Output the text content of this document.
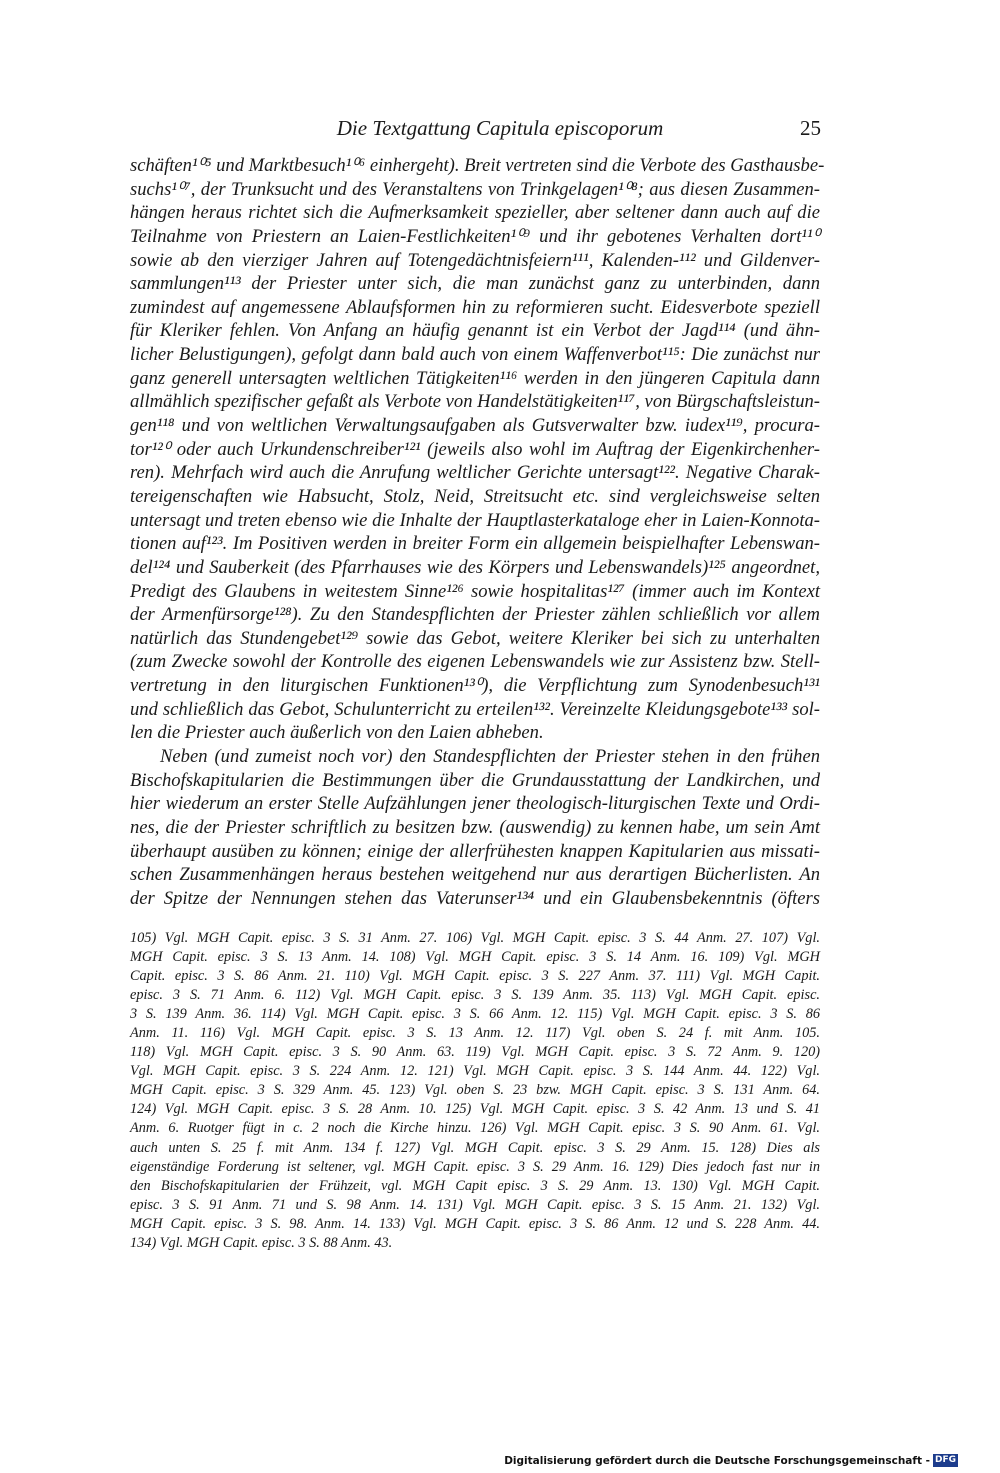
Die Textgattung Capitula episcoporum	25
schäften¹⁰⁵ und Marktbesuch¹⁰⁶ einhergeht). Breit vertreten sind die Verbote des Gasthausbe-
suchs¹⁰⁷, der Trunksucht und des Veranstaltens von Trinkgelagen¹⁰⁸; aus diesen Zusammen-
hängen heraus richtet sich die Aufmerksamkeit spezieller, aber seltener dann auch auf die
Teilnahme von Priestern an Laien-Festlichkeiten¹⁰⁹ und ihr gebotenes Verhalten dort¹¹⁰
sowie ab den vierziger Jahren auf Totengedächtnisfeiern¹¹¹, Kalenden-¹¹² und Gildenver-
sammlungen¹¹³ der Priester unter sich, die man zunächst ganz zu unterbinden, dann
zumindest auf angemessene Ablaufsformen hin zu reformieren sucht. Eidesverbote speziell
für Kleriker fehlen. Von Anfang an häufig genannt ist ein Verbot der Jagd¹¹⁴ (und ähn-
licher Belustigungen), gefolgt dann bald auch von einem Waffenverbot¹¹⁵: Die zunächst nur
ganz generell untersagten weltlichen Tätigkeiten¹¹⁶ werden in den jüngeren Capitula dann
allmählich spezifischer gefaßt als Verbote von Handelstätigkeiten¹¹⁷, von Bürgschaftsleistun-
gen¹¹⁸ und von weltlichen Verwaltungsaufgaben als Gutsverwalter bzw. iudex¹¹⁹, procura-
tor¹²⁰ oder auch Urkundenschreiber¹²¹ (jeweils also wohl im Auftrag der Eigenkirchenher-
ren). Mehrfach wird auch die Anrufung weltlicher Gerichte untersagt¹²². Negative Charak-
tereigenschaften wie Habsucht, Stolz, Neid, Streitsucht etc. sind vergleichsweise selten
untersagt und treten ebenso wie die Inhalte der Hauptlasterkataloge eher in Laien-Konnota-
tionen auf¹²³. Im Positiven werden in breiter Form ein allgemein beispielhafter Lebenswan-
del¹²⁴ und Sauberkeit (des Pfarrhauses wie des Körpers und Lebenswandels)¹²⁵ angeordnet,
Predigt des Glaubens in weitestem Sinne¹²⁶ sowie hospitalitas¹²⁷ (immer auch im Kontext
der Armenfürsorge¹²⁸). Zu den Standespflichten der Priester zählen schließlich vor allem
natürlich das Stundengebet¹²⁹ sowie das Gebot, weitere Kleriker bei sich zu unterhalten
(zum Zwecke sowohl der Kontrolle des eigenen Lebenswandels wie zur Assistenz bzw. Stell-
vertretung in den liturgischen Funktionen¹³⁰), die Verpflichtung zum Synodenbesuch¹³¹
und schließlich das Gebot, Schulunterricht zu erteilen¹³². Vereinzelte Kleidungsgebote¹³³ sol-
len die Priester auch äußerlich von den Laien abheben.
Neben (und zumeist noch vor) den Standespflichten der Priester stehen in den frühen
Bischofskapitularien die Bestimmungen über die Grundausstattung der Landkirchen, und
hier wiederum an erster Stelle Aufzählungen jener theologisch-liturgischen Texte und Ordi-
nes, die der Priester schriftlich zu besitzen bzw. (auswendig) zu kennen habe, um sein Amt
überhaupt ausüben zu können; einige der allerfrühesten knappen Kapitularien aus missati-
schen Zusammenhängen heraus bestehen weitgehend nur aus derartigen Bücherlisten. An
der Spitze der Nennungen stehen das Vaterunser¹³⁴ und ein Glaubensbekenntnis (öfters
105) Vgl. MGH Capit. episc. 3 S. 31 Anm. 27. 106) Vgl. MGH Capit. episc. 3 S. 44 Anm. 27. 107) Vgl.
MGH Capit. episc. 3 S. 13 Anm. 14. 108) Vgl. MGH Capit. episc. 3 S. 14 Anm. 16. 109) Vgl. MGH
Capit. episc. 3 S. 86 Anm. 21. 110) Vgl. MGH Capit. episc. 3 S. 227 Anm. 37. 111) Vgl. MGH Capit.
episc. 3 S. 71 Anm. 6. 112) Vgl. MGH Capit. episc. 3 S. 139 Anm. 35. 113) Vgl. MGH Capit. episc.
3 S. 139 Anm. 36. 114) Vgl. MGH Capit. episc. 3 S. 66 Anm. 12. 115) Vgl. MGH Capit. episc. 3 S. 86
Anm. 11. 116) Vgl. MGH Capit. episc. 3 S. 13 Anm. 12. 117) Vgl. oben S. 24 f. mit Anm. 105.
118) Vgl. MGH Capit. episc. 3 S. 90 Anm. 63. 119) Vgl. MGH Capit. episc. 3 S. 72 Anm. 9. 120)
Vgl. MGH Capit. episc. 3 S. 224 Anm. 12. 121) Vgl. MGH Capit. episc. 3 S. 144 Anm. 44. 122) Vgl.
MGH Capit. episc. 3 S. 329 Anm. 45. 123) Vgl. oben S. 23 bzw. MGH Capit. episc. 3 S. 131 Anm. 64.
124) Vgl. MGH Capit. episc. 3 S. 28 Anm. 10. 125) Vgl. MGH Capit. episc. 3 S. 42 Anm. 13 und S. 41
Anm. 6. Ruotger fügt in c. 2 noch die Kirche hinzu. 126) Vgl. MGH Capit. episc. 3 S. 90 Anm. 61. Vgl.
auch unten S. 25 f. mit Anm. 134 f. 127) Vgl. MGH Capit. episc. 3 S. 29 Anm. 15. 128) Dies als
eigenständige Forderung ist seltener, vgl. MGH Capit. episc. 3 S. 29 Anm. 16. 129) Dies jedoch fast nur in
den Bischofskapitularien der Frühzeit, vgl. MGH Capit episc. 3 S. 29 Anm. 13. 130) Vgl. MGH Capit.
episc. 3 S. 91 Anm. 71 und S. 98 Anm. 14. 131) Vgl. MGH Capit. episc. 3 S. 15 Anm. 21. 132) Vgl.
MGH Capit. episc. 3 S. 98. Anm. 14. 133) Vgl. MGH Capit. episc. 3 S. 86 Anm. 12 und S. 228 Anm. 44.
134) Vgl. MGH Capit. episc. 3 S. 88 Anm. 43.
Digitalisierung gefördert durch die Deutsche Forschungsgemeinschaft - DFG
